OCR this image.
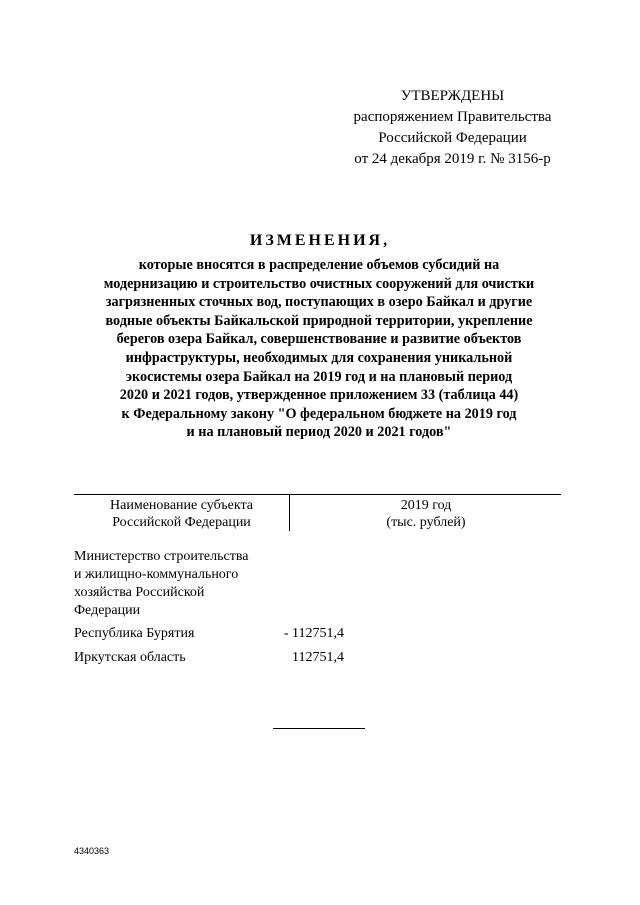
УТВЕРЖДЕНЫ
распоряжением Правительства
Российской Федерации
от 24 декабря 2019 г. № 3156-р
ИЗМЕНЕНИЯ,
которые вносятся в распределение объемов субсидий на
модернизацию и строительство очистных сооружений для очистки
загрязненных сточных вод, поступающих в озеро Байкал и другие
водные объекты Байкальской природной территории, укрепление
берегов озера Байкал, совершенствование и развитие объектов
инфраструктуры, необходимых для сохранения уникальной
экосистемы озера Байкал на 2019 год и на плановый период
2020 и 2021 годов, утвержденное приложением 33 (таблица 44)
к Федеральному закону "О федеральном бюджете на 2019 год
и на плановый период 2020 и 2021 годов"
Наименование субъекта
Российской Федерации
2019 год
(тыс. рублей)
Министерство строительства
и жилищно-коммунального
хозяйства Российской
Федерации
Республика Бурятия	- 112751,4
Иркутская область	112751,4
4340363
